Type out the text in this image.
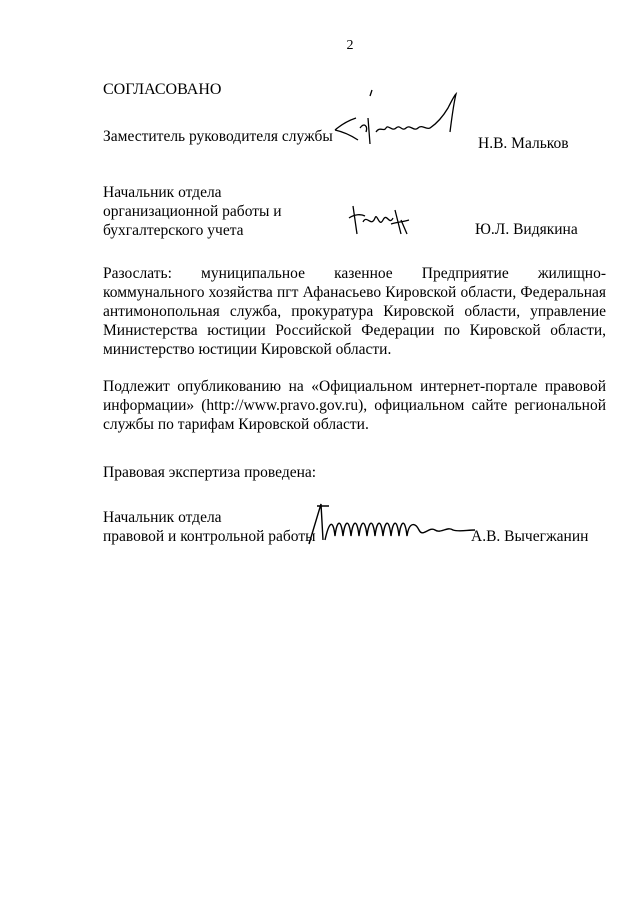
2
СОГЛАСОВАНО
Заместитель руководителя службы	Н.В. Мальков
Начальник отдела
организационной работы и
бухгалтерского учета	Ю.Л. Видякина
Разослать: муниципальное казенное Предприятие жилищно-коммунального хозяйства пгт Афанасьево Кировской области, Федеральная антимонопольная служба, прокуратура Кировской области, управление Министерства юстиции Российской Федерации по Кировской области, министерство юстиции Кировской области.
Подлежит опубликованию на «Официальном интернет-портале правовой информации» (http://www.pravo.gov.ru), официальном сайте региональной службы по тарифам Кировской области.
Правовая экспертиза проведена:
Начальник отдела
правовой и контрольной работы	А.В. Вычегжанин
